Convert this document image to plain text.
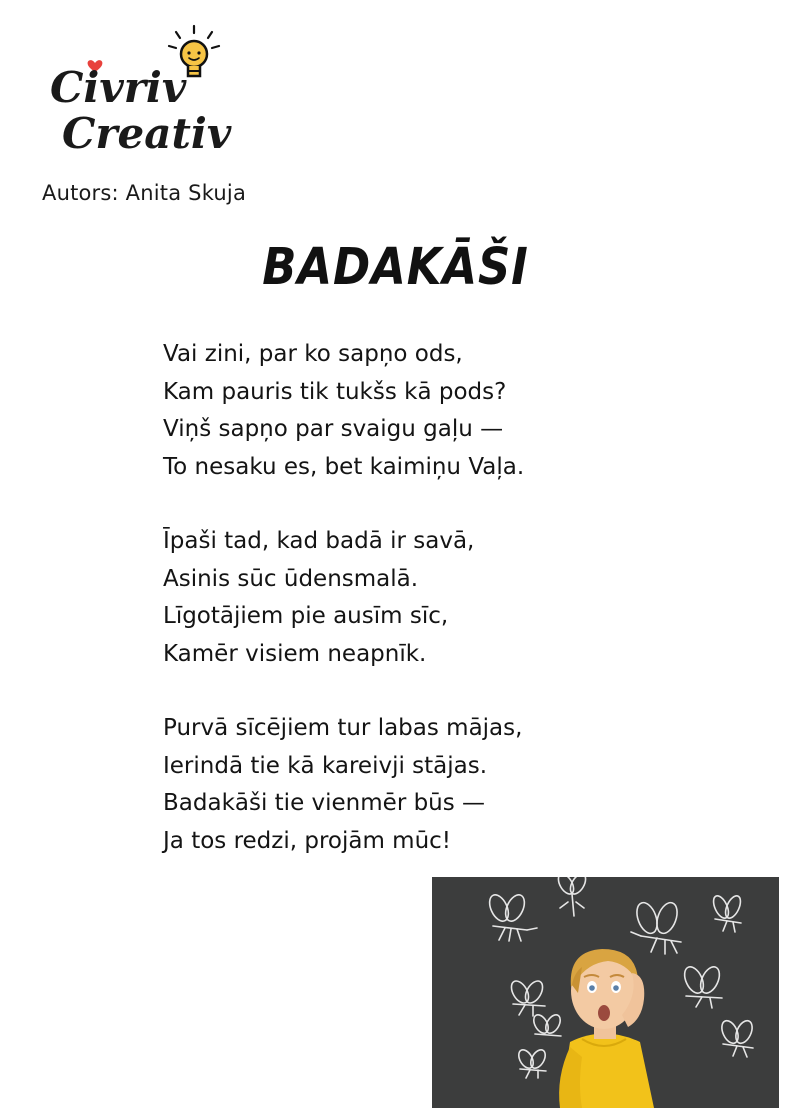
Civriv
Creativ
Autors: Anita Skuja
BADAKĀŠI
Vai zini, par ko sapņo ods,
Kam pauris tik tukšs kā pods?
Viņš sapņo par svaigu gaļu —
To nesaku es, bet kaimiņu Vaļa.
Īpaši tad, kad badā ir savā,
Asinis sūc ūdensmalā.
Līgotājiem pie ausīm sīc,
Kamēr visiem neapnīk.
Purvā sīcējiem tur labas mājas,
Ierindā tie kā kareivji stājas.
Badakāši tie vienmēr būs —
Ja tos redzi, projām mūc!
